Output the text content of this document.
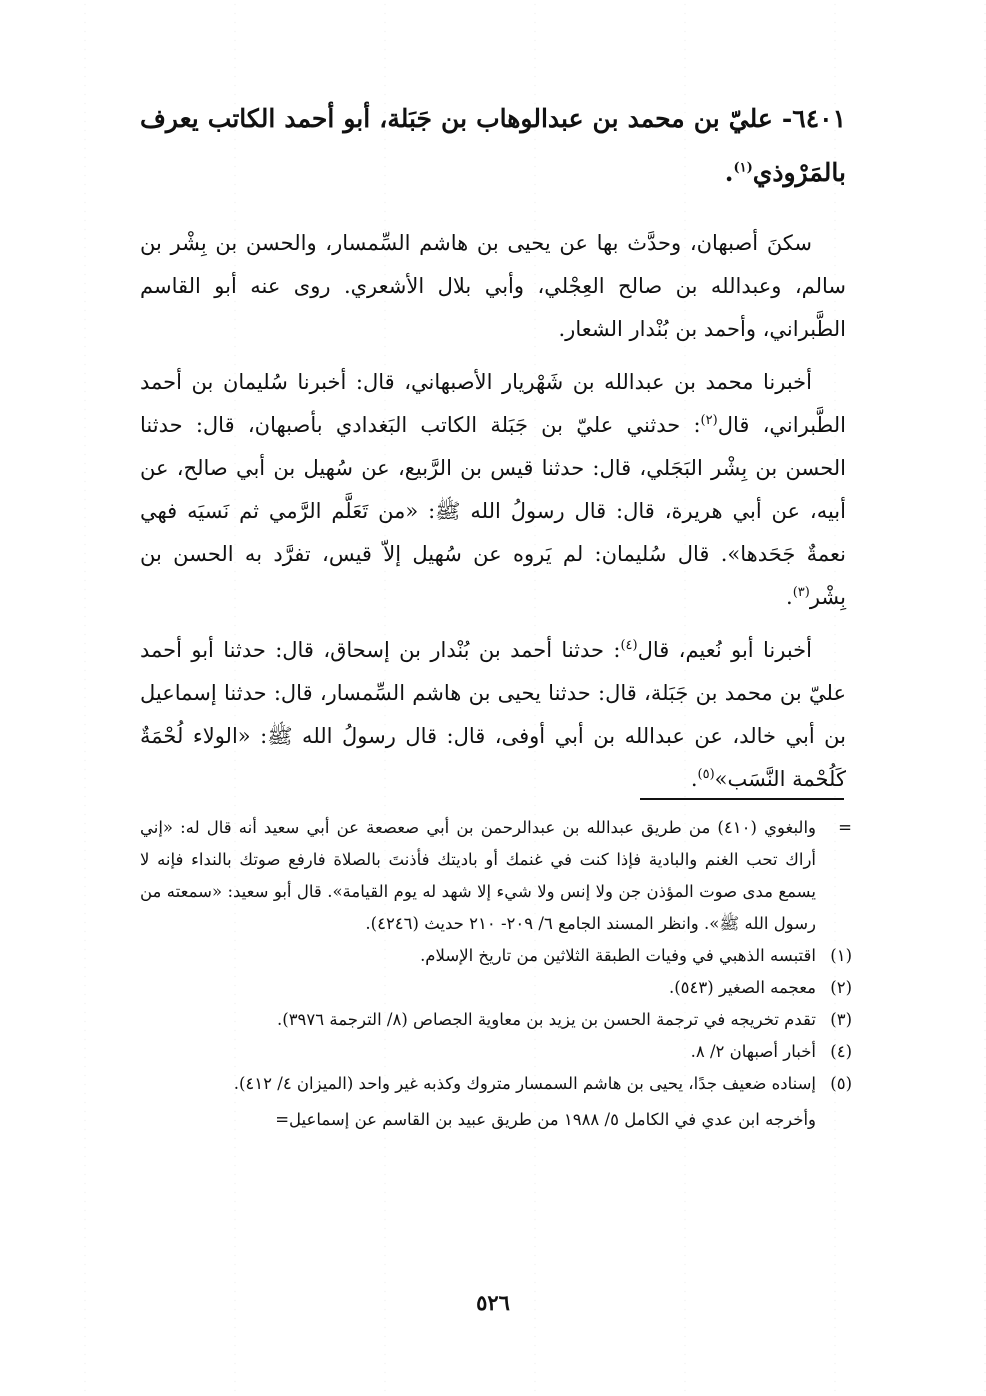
٦٤٠١- عليّ بن محمد بن عبدالوهاب بن جَبَلة، أبو أحمد الكاتب يعرف بالمَرْوذي$^{(١)}$.

سكنَ أصبهان، وحدَّث بها عن يحيى بن هاشم السِّمسار، والحسن بن بِشْر بن سالم، وعبدالله بن صالح العِجْلي، وأبي بلال الأشعري. روى عنه أبو القاسم الطَّبراني، وأحمد بن بُنْدار الشعار.

أخبرنا محمد بن عبدالله بن شَهْريار الأصبهاني، قال: أخبرنا سُليمان بن أحمد الطَّبراني، قال$^{(٢)}$: حدثني عليّ بن جَبَلة الكاتب البَغدادي بأصبهان، قال: حدثنا الحسن بن بِشْر البَجَلي، قال: حدثنا قيس بن الرَّبيع، عن سُهيل بن أبي صالح، عن أبيه، عن أبي هريرة، قال: قال رسولُ الله ﷺ: «من تَعَلَّم الرَّمي ثم نَسيَه فهي نعمةٌ جَحَدها». قال سُليمان: لم يَروه عن سُهيل إلاّ قيس، تفرَّد به الحسن بن بِشْر$^{(٣)}$.

أخبرنا أبو نُعيم، قال$^{(٤)}$: حدثنا أحمد بن بُنْدار بن إسحاق، قال: حدثنا أبو أحمد عليّ بن محمد بن جَبَلة، قال: حدثنا يحيى بن هاشم السِّمسار، قال: حدثنا إسماعيل بن أبي خالد، عن عبدالله بن أبي أوفى، قال: قال رسولُ الله ﷺ: «الولاء لُحْمَةٌ كَلُحْمة النَّسَب»$^{(٥)}$.

=
والبغوي (٤١٠) من طريق عبدالله بن عبدالرحمن بن أبي صعصعة عن أبي سعيد أنه قال له: «إني أراك تحب الغنم والبادية فإذا كنت في غنمك أو باديتك فأذنتَ بالصلاة فارفع صوتك بالنداء فإنه لا يسمع مدى صوت المؤذن جن ولا إنس ولا شيء إلا شهد له يوم القيامة». قال أبو سعيد: «سمعته من رسول الله ﷺ». وانظر المسند الجامع ٦/ ٢٠٩- ٢١٠ حديث (٤٢٤٦).
(١)
اقتبسه الذهبي في وفيات الطبقة الثلاثين من تاريخ الإسلام.
(٢)
معجمه الصغير (٥٤٣).
(٣)
تقدم تخريجه في ترجمة الحسن بن يزيد بن معاوية الجصاص (٨/ الترجمة ٣٩٧٦).
(٤)
أخبار أصبهان ٢/ ٨.
(٥)
إسناده ضعيف جدًا، يحيى بن هاشم السمسار متروك وكذبه غير واحد (الميزان ٤/ ٤١٢).
وأخرجه ابن عدي في الكامل ٥/ ١٩٨٨ من طريق عبيد بن القاسم عن إسماعيل=
٥٢٦
